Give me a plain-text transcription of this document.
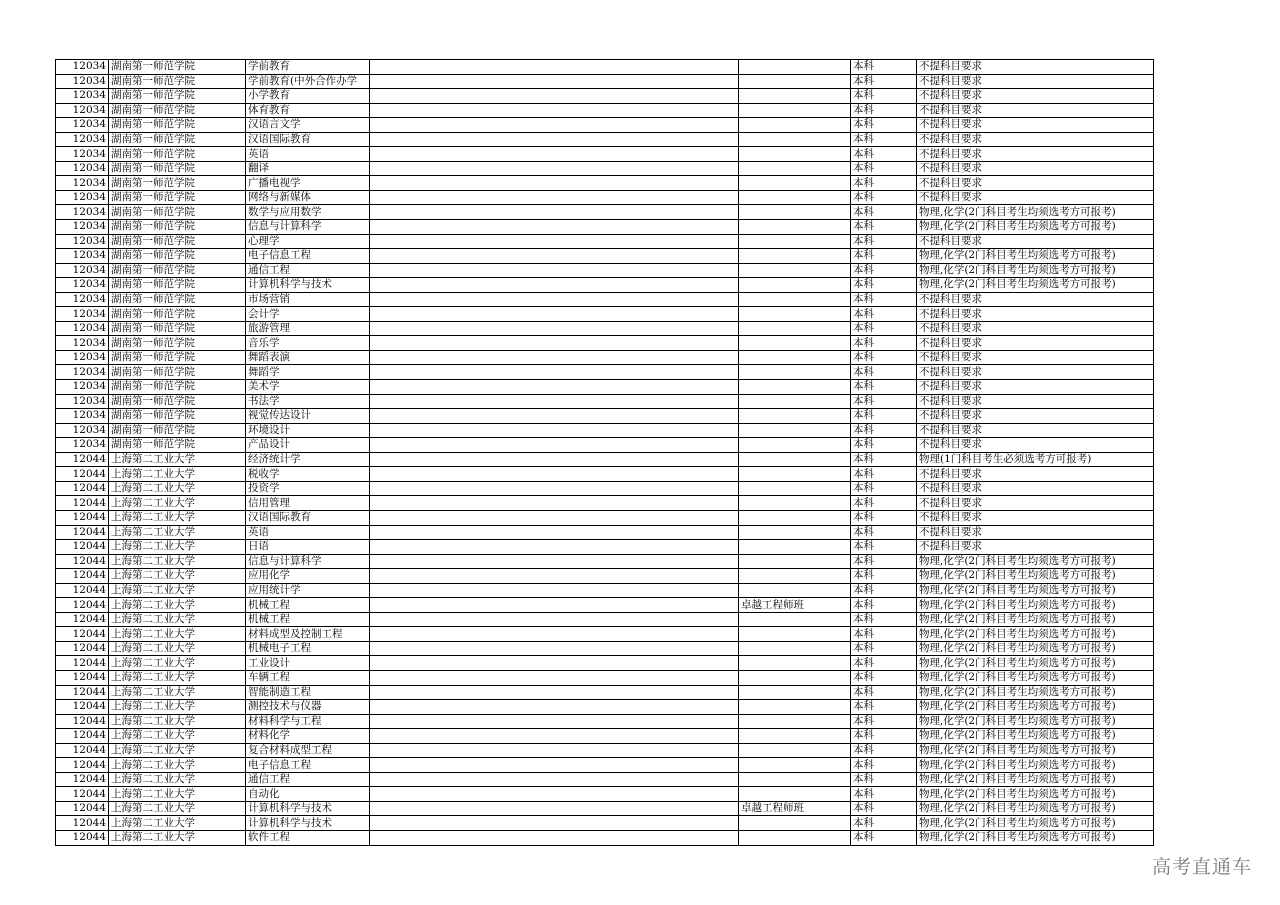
12034	湖南第一师范学院	学前教育			本科	不提科目要求
12034	湖南第一师范学院	学前教育(中外合作办学			本科	不提科目要求
12034	湖南第一师范学院	小学教育			本科	不提科目要求
12034	湖南第一师范学院	体育教育			本科	不提科目要求
12034	湖南第一师范学院	汉语言文学			本科	不提科目要求
12034	湖南第一师范学院	汉语国际教育			本科	不提科目要求
12034	湖南第一师范学院	英语			本科	不提科目要求
12034	湖南第一师范学院	翻译			本科	不提科目要求
12034	湖南第一师范学院	广播电视学			本科	不提科目要求
12034	湖南第一师范学院	网络与新媒体			本科	不提科目要求
12034	湖南第一师范学院	数学与应用数学			本科	物理,化学(2门科目考生均须选考方可报考)
12034	湖南第一师范学院	信息与计算科学			本科	物理,化学(2门科目考生均须选考方可报考)
12034	湖南第一师范学院	心理学			本科	不提科目要求
12034	湖南第一师范学院	电子信息工程			本科	物理,化学(2门科目考生均须选考方可报考)
12034	湖南第一师范学院	通信工程			本科	物理,化学(2门科目考生均须选考方可报考)
12034	湖南第一师范学院	计算机科学与技术			本科	物理,化学(2门科目考生均须选考方可报考)
12034	湖南第一师范学院	市场营销			本科	不提科目要求
12034	湖南第一师范学院	会计学			本科	不提科目要求
12034	湖南第一师范学院	旅游管理			本科	不提科目要求
12034	湖南第一师范学院	音乐学			本科	不提科目要求
12034	湖南第一师范学院	舞蹈表演			本科	不提科目要求
12034	湖南第一师范学院	舞蹈学			本科	不提科目要求
12034	湖南第一师范学院	美术学			本科	不提科目要求
12034	湖南第一师范学院	书法学			本科	不提科目要求
12034	湖南第一师范学院	视觉传达设计			本科	不提科目要求
12034	湖南第一师范学院	环境设计			本科	不提科目要求
12034	湖南第一师范学院	产品设计			本科	不提科目要求
12044	上海第二工业大学	经济统计学			本科	物理(1门科目考生必须选考方可报考)
12044	上海第二工业大学	税收学			本科	不提科目要求
12044	上海第二工业大学	投资学			本科	不提科目要求
12044	上海第二工业大学	信用管理			本科	不提科目要求
12044	上海第二工业大学	汉语国际教育			本科	不提科目要求
12044	上海第二工业大学	英语			本科	不提科目要求
12044	上海第二工业大学	日语			本科	不提科目要求
12044	上海第二工业大学	信息与计算科学			本科	物理,化学(2门科目考生均须选考方可报考)
12044	上海第二工业大学	应用化学			本科	物理,化学(2门科目考生均须选考方可报考)
12044	上海第二工业大学	应用统计学			本科	物理,化学(2门科目考生均须选考方可报考)
12044	上海第二工业大学	机械工程		卓越工程师班	本科	物理,化学(2门科目考生均须选考方可报考)
12044	上海第二工业大学	机械工程			本科	物理,化学(2门科目考生均须选考方可报考)
12044	上海第二工业大学	材料成型及控制工程			本科	物理,化学(2门科目考生均须选考方可报考)
12044	上海第二工业大学	机械电子工程			本科	物理,化学(2门科目考生均须选考方可报考)
12044	上海第二工业大学	工业设计			本科	物理,化学(2门科目考生均须选考方可报考)
12044	上海第二工业大学	车辆工程			本科	物理,化学(2门科目考生均须选考方可报考)
12044	上海第二工业大学	智能制造工程			本科	物理,化学(2门科目考生均须选考方可报考)
12044	上海第二工业大学	测控技术与仪器			本科	物理,化学(2门科目考生均须选考方可报考)
12044	上海第二工业大学	材料科学与工程			本科	物理,化学(2门科目考生均须选考方可报考)
12044	上海第二工业大学	材料化学			本科	物理,化学(2门科目考生均须选考方可报考)
12044	上海第二工业大学	复合材料成型工程			本科	物理,化学(2门科目考生均须选考方可报考)
12044	上海第二工业大学	电子信息工程			本科	物理,化学(2门科目考生均须选考方可报考)
12044	上海第二工业大学	通信工程			本科	物理,化学(2门科目考生均须选考方可报考)
12044	上海第二工业大学	自动化			本科	物理,化学(2门科目考生均须选考方可报考)
12044	上海第二工业大学	计算机科学与技术		卓越工程师班	本科	物理,化学(2门科目考生均须选考方可报考)
12044	上海第二工业大学	计算机科学与技术			本科	物理,化学(2门科目考生均须选考方可报考)
12044	上海第二工业大学	软件工程			本科	物理,化学(2门科目考生均须选考方可报考)
高考直通车
